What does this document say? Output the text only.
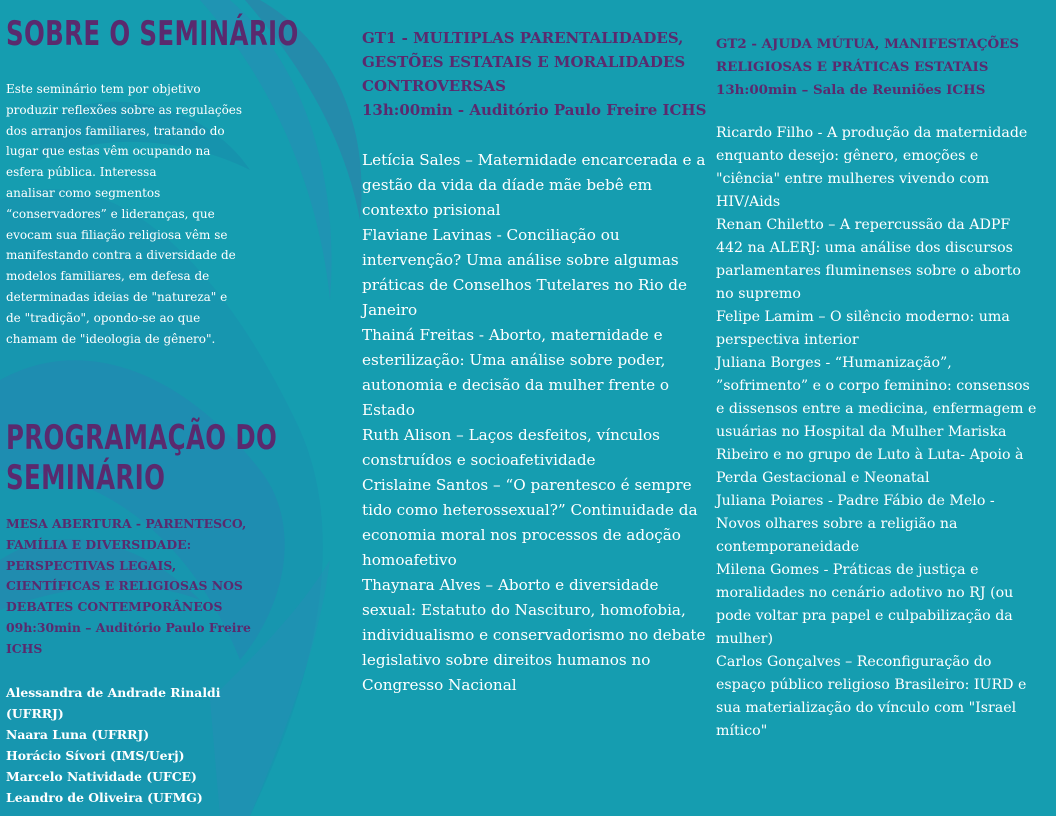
SOBRE O SEMINÁRIO

Este seminário tem por objetivo

produzir reflexões sobre as regulações

dos arranjos familiares, tratando do

lugar que estas vêm ocupando na

esfera pública. Interessa

analisar como segmentos

“conservadores” e lideranças, que

evocam sua filiação religiosa vêm se

manifestando contra a diversidade de

modelos familiares, em defesa de

determinadas ideias de "natureza" e

de "tradição", opondo-se ao que

chamam de "ideologia de gênero".

PROGRAMAÇÃO DO
SEMINÁRIO
MESA ABERTURA - PARENTESCO,
FAMÍLIA E DIVERSIDADE:
PERSPECTIVAS LEGAIS,
CIENTÍFICAS E RELIGIOSAS NOS
DEBATES CONTEMPORÂNEOS
09h:30min – Auditório Paulo Freire
ICHS
Alessandra de Andrade Rinaldi
(UFRRJ)
Naara Luna (UFRRJ)
Horácio Sívori (IMS/Uerj)
Marcelo Natividade (UFCE)
Leandro de Oliveira (UFMG)
GT1 - MULTIPLAS PARENTALIDADES,
GESTÕES ESTATAIS E MORALIDADES
CONTROVERSAS
13h:00min - Auditório Paulo Freire ICHS
Letícia Sales – Maternidade encarcerada e a
gestão da vida da díade mãe bebê em
contexto prisional
Flaviane Lavinas - Conciliação ou
intervenção? Uma análise sobre algumas
práticas de Conselhos Tutelares no Rio de
Janeiro
Thainá Freitas - Aborto, maternidade e
esterilização: Uma análise sobre poder,
autonomia e decisão da mulher frente o
Estado
Ruth Alison – Laços desfeitos, vínculos
construídos e socioafetividade
Crislaine Santos – “O parentesco é sempre
tido como heterossexual?” Continuidade da
economia moral nos processos de adoção
homoafetivo
Thaynara Alves – Aborto e diversidade
sexual: Estatuto do Nascituro, homofobia,
individualismo e conservadorismo no debate
legislativo sobre direitos humanos no
Congresso Nacional
GT2 - AJUDA MÚTUA, MANIFESTAÇÕES
RELIGIOSAS E PRÁTICAS ESTATAIS
13h:00min – Sala de Reuniões ICHS
Ricardo Filho - A produção da maternidade
enquanto desejo: gênero, emoções e
"ciência" entre mulheres vivendo com
HIV/Aids
Renan Chiletto – A repercussão da ADPF
442 na ALERJ: uma análise dos discursos
parlamentares fluminenses sobre o aborto
no supremo
Felipe Lamim – O silêncio moderno: uma
perspectiva interior
Juliana Borges - “Humanização”,
”sofrimento” e o corpo feminino: consensos
e dissensos entre a medicina, enfermagem e
usuárias no Hospital da Mulher Mariska
Ribeiro e no grupo de Luto à Luta- Apoio à
Perda Gestacional e Neonatal
Juliana Poiares - Padre Fábio de Melo -
Novos olhares sobre a religião na
contemporaneidade
Milena Gomes - Práticas de justiça e
moralidades no cenário adotivo no RJ (ou
pode voltar pra papel e culpabilização da
mulher)
Carlos Gonçalves – Reconfiguração do
espaço público religioso Brasileiro: IURD e
sua materialização do vínculo com "Israel
mítico"
